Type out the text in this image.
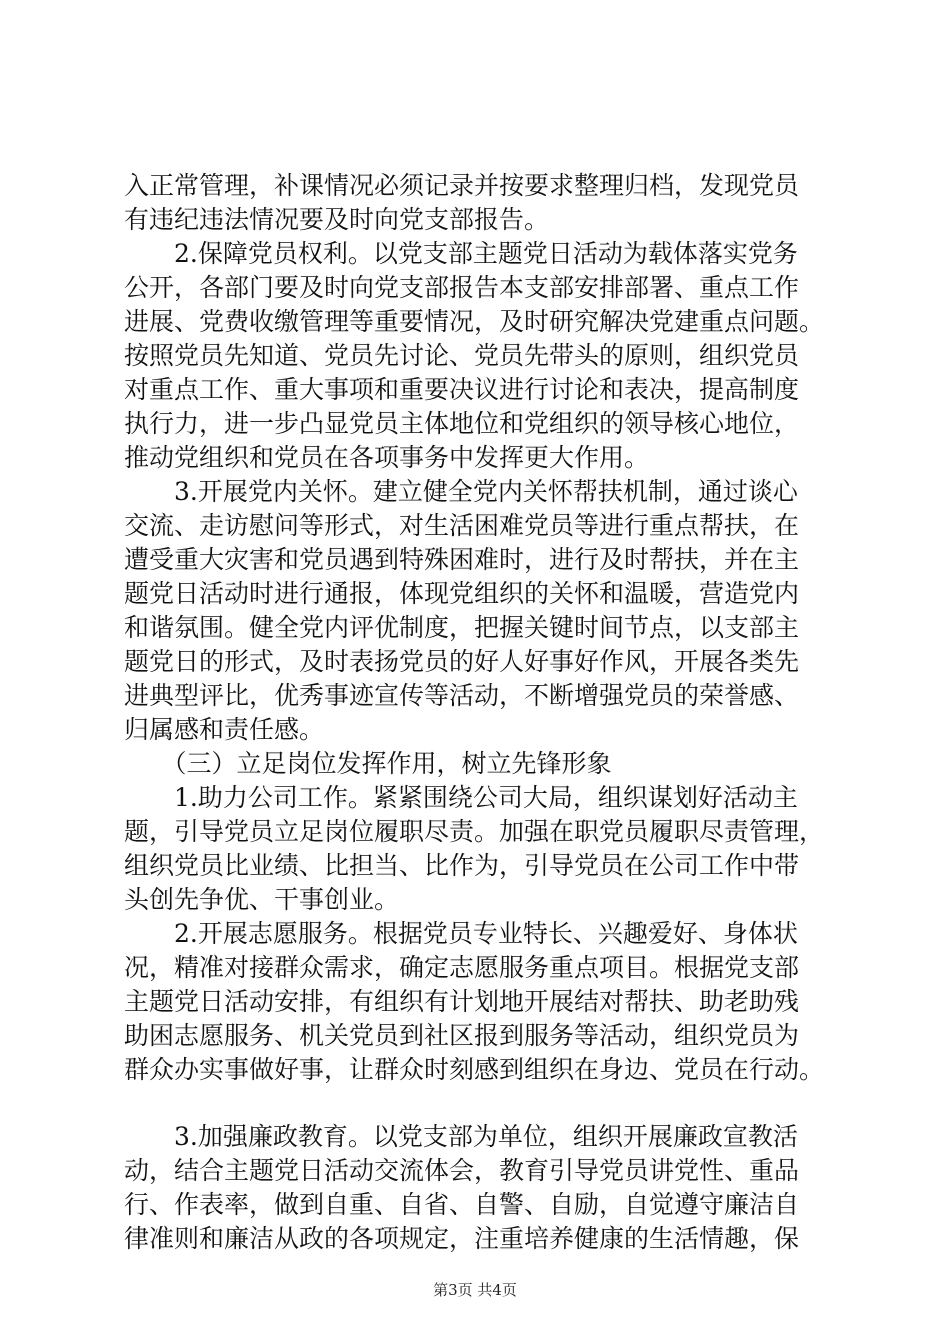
入正常管理，补课情况必须记录并按要求整理归档，发现党员
有违纪违法情况要及时向党支部报告。
　　2.保障党员权利。以党支部主题党日活动为载体落实党务
公开，各部门要及时向党支部报告本支部安排部署、重点工作
进展、党费收缴管理等重要情况，及时研究解决党建重点问题。
按照党员先知道、党员先讨论、党员先带头的原则，组织党员
对重点工作、重大事项和重要决议进行讨论和表决，提高制度
执行力，进一步凸显党员主体地位和党组织的领导核心地位，
推动党组织和党员在各项事务中发挥更大作用。
　　3.开展党内关怀。建立健全党内关怀帮扶机制，通过谈心
交流、走访慰问等形式，对生活困难党员等进行重点帮扶，在
遭受重大灾害和党员遇到特殊困难时，进行及时帮扶，并在主
题党日活动时进行通报，体现党组织的关怀和温暖，营造党内
和谐氛围。健全党内评优制度，把握关键时间节点，以支部主
题党日的形式，及时表扬党员的好人好事好作风，开展各类先
进典型评比，优秀事迹宣传等活动，不断增强党员的荣誉感、
归属感和责任感。
　　（三）立足岗位发挥作用，树立先锋形象
　　1.助力公司工作。紧紧围绕公司大局，组织谋划好活动主
题，引导党员立足岗位履职尽责。加强在职党员履职尽责管理，
组织党员比业绩、比担当、比作为，引导党员在公司工作中带
头创先争优、干事创业。
　　2.开展志愿服务。根据党员专业特长、兴趣爱好、身体状
况，精准对接群众需求，确定志愿服务重点项目。根据党支部
主题党日活动安排，有组织有计划地开展结对帮扶、助老助残
助困志愿服务、机关党员到社区报到服务等活动，组织党员为
群众办实事做好事，让群众时刻感到组织在身边、党员在行动。
　　3.加强廉政教育。以党支部为单位，组织开展廉政宣教活
动，结合主题党日活动交流体会，教育引导党员讲党性、重品
行、作表率，做到自重、自省、自警、自励，自觉遵守廉洁自
律准则和廉洁从政的各项规定，注重培养健康的生活情趣，保
第3页 共4页
